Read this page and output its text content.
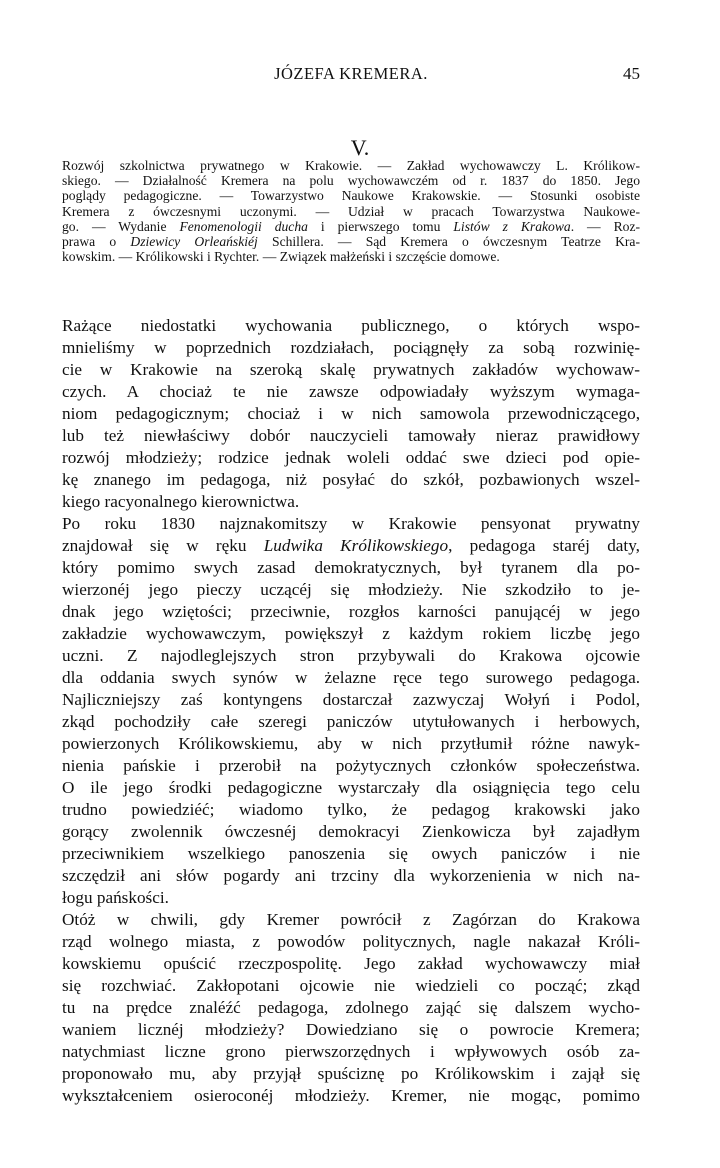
JÓZEFA KREMERA.	45
V.
Rozwój szkolnictwa prywatnego w Krakowie. — Zakład wychowawczy L. Królikow-
skiego. — Działalność Kremera na polu wychowawczém od r. 1837 do 1850. Jego
poglądy pedagogiczne. — Towarzystwo Naukowe Krakowskie. — Stosunki osobiste
Kremera z ówczesnymi uczonymi. — Udział w pracach Towarzystwa Naukowe-
go. — Wydanie Fenomenologii ducha i pierwszego tomu Listów z Krakowa. — Roz-
prawa o Dziewicy Orleańskiéj Schillera. — Sąd Kremera o ówczesnym Teatrze Kra-
kowskim. — Królikowski i Rychter. — Związek małżeński i szczęście domowe.
Rażące niedostatki wychowania publicznego, o których wspo-
mnieliśmy w poprzednich rozdziałach, pociągnęły za sobą rozwinię-
cie w Krakowie na szeroką skalę prywatnych zakładów wychowaw-
czych. A chociaż te nie zawsze odpowiadały wyższym wymaga-
niom pedagogicznym; chociaż i w nich samowola przewodniczącego,
lub też niewłaściwy dobór nauczycieli tamowały nieraz prawidłowy
rozwój młodzieży; rodzice jednak woleli oddać swe dzieci pod opie-
kę znanego im pedagoga, niż posyłać do szkół, pozbawionych wszel-
kiego racyonalnego kierownictwa.
Po roku 1830 najznakomitszy w Krakowie pensyonat prywatny
znajdował się w ręku Ludwika Królikowskiego, pedagoga staréj daty,
który pomimo swych zasad demokratycznych, był tyranem dla po-
wierzonéj jego pieczy uczącéj się młodzieży. Nie szkodziło to je-
dnak jego wziętości; przeciwnie, rozgłos karności panującéj w jego
zakładzie wychowawczym, powiększył z każdym rokiem liczbę jego
uczni. Z najodleglejszych stron przybywali do Krakowa ojcowie
dla oddania swych synów w żelazne ręce tego surowego pedagoga.
Najliczniejszy zaś kontyngens dostarczał zazwyczaj Wołyń i Podol,
zkąd pochodziły całe szeregi paniczów utytułowanych i herbowych,
powierzonych Królikowskiemu, aby w nich przytłumił różne nawyk-
nienia pańskie i przerobił na pożytycznych członków społeczeństwa.
O ile jego środki pedagogiczne wystarczały dla osiągnięcia tego celu
trudno powiedziéć; wiadomo tylko, że pedagog krakowski jako
gorący zwolennik ówczesnéj demokracyi Zienkowicza był zajadłym
przeciwnikiem wszelkiego panoszenia się owych paniczów i nie
szczędził ani słów pogardy ani trzciny dla wykorzenienia w nich na-
łogu pańskości.
Otóż w chwili, gdy Kremer powrócił z Zagórzan do Krakowa
rząd wolnego miasta, z powodów politycznych, nagle nakazał Króli-
kowskiemu opuścić rzeczpospolitę. Jego zakład wychowawczy miał
się rozchwiać. Zakłopotani ojcowie nie wiedzieli co począć; zkąd
tu na prędce znaléźć pedagoga, zdolnego zająć się dalszem wycho-
waniem licznéj młodzieży? Dowiedziano się o powrocie Kremera;
natychmiast liczne grono pierwszorzędnych i wpływowych osób za-
proponowało mu, aby przyjął spuściznę po Królikowskim i zajął się
wykształceniem osieroconéj młodzieży. Kremer, nie mogąc, pomimo
